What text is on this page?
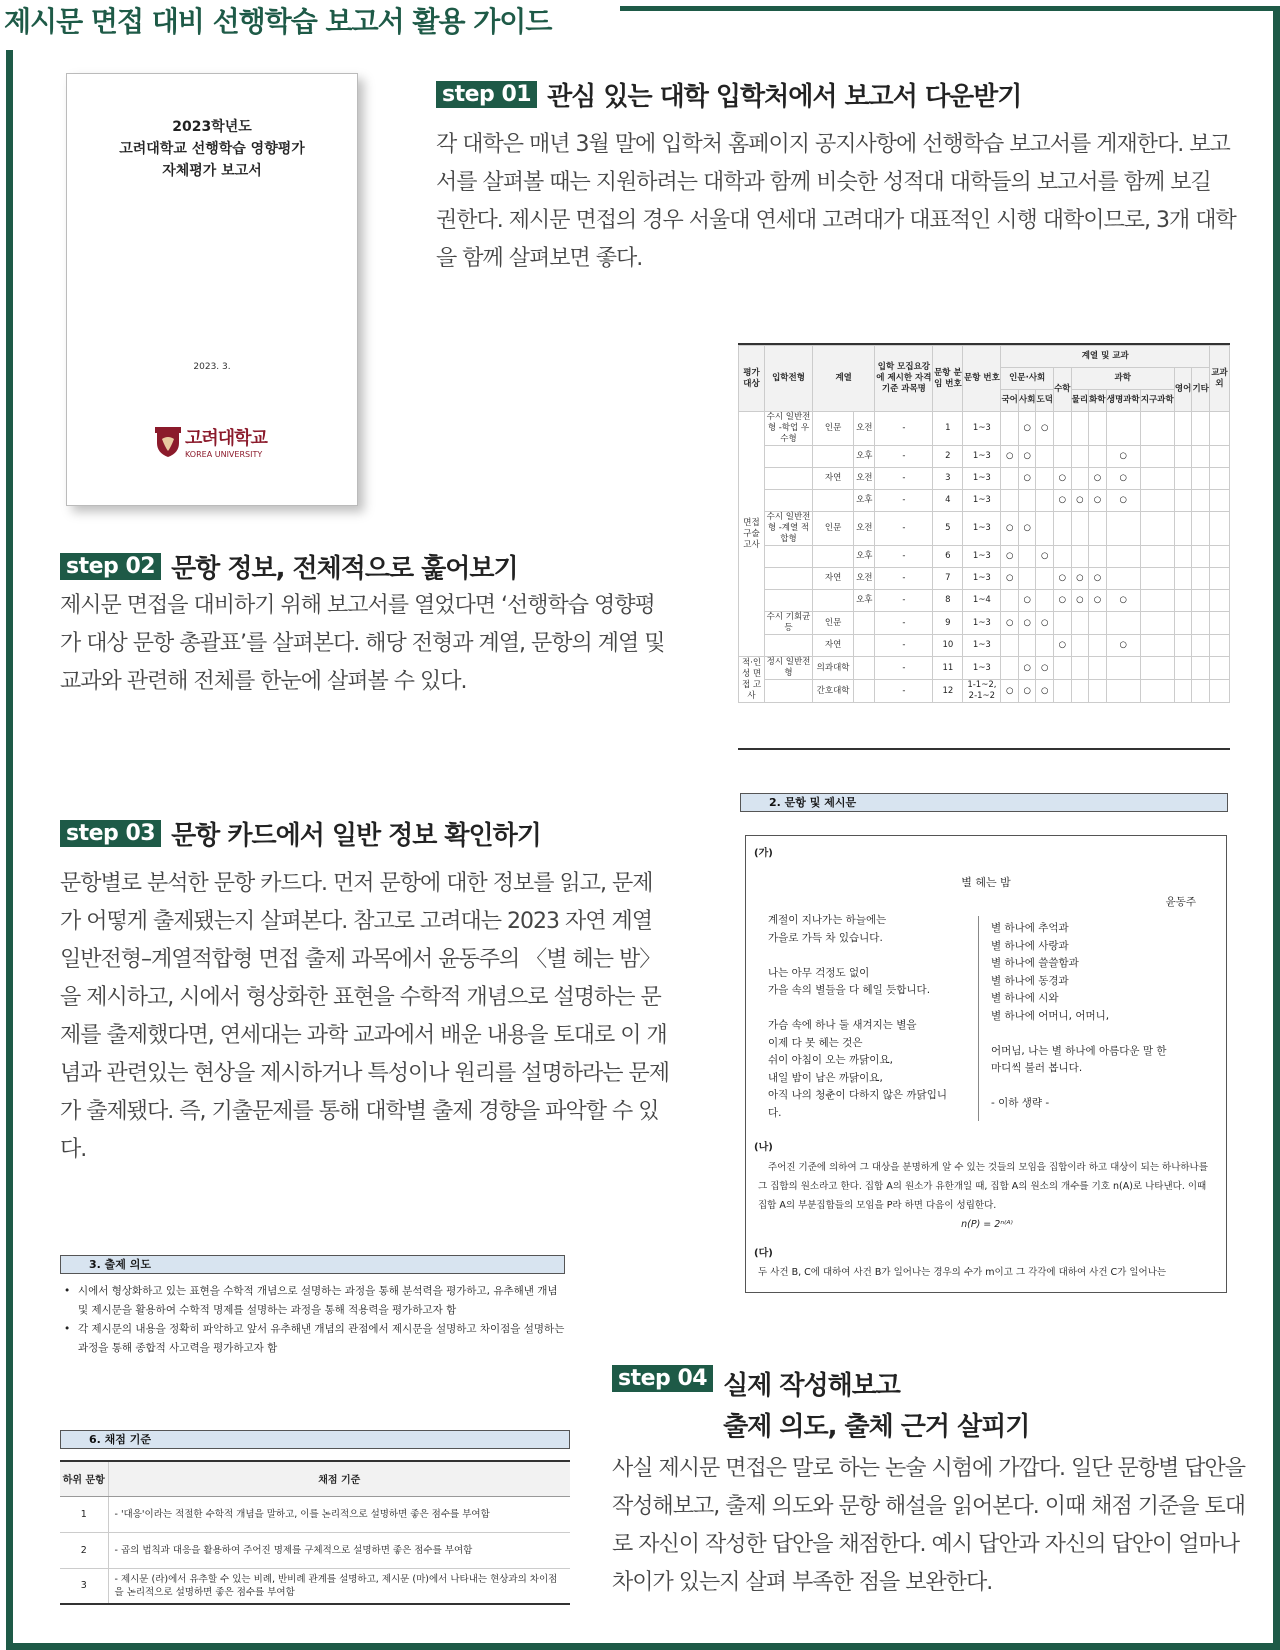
제시문 면접 대비 선행학습 보고서 활용 가이드
2023학년도
고려대학교 선행학습 영향평가
자체평가 보고서
2023. 3.
고려대학교
KOREA UNIVERSITY
step 01 관심 있는 대학 입학처에서 보고서 다운받기

각 대학은 매년 3월 말에 입학처 홈페이지 공지사항에 선행학습 보고서를 게재한다. 보고서를 살펴볼 때는 지원하려는 대학과 함께 비슷한 성적대 대학들의 보고서를 함께 보길 권한다. 제시문 면접의 경우 서울대 연세대 고려대가 대표적인 시행 대학이므로, 3개 대학을 함께 살펴보면 좋다.

step 02 문항 정보, 전체적으로 훑어보기

제시문 면접을 대비하기 위해 보고서를 열었다면 ‘선행학습 영향평가 대상 문항 총괄표’를 살펴본다. 해당 전형과 계열, 문항의 계열 및 교과와 관련해 전체를 한눈에 살펴볼 수 있다.

step 03 문항 카드에서 일반 정보 확인하기

문항별로 분석한 문항 카드다. 먼저 문항에 대한 정보를 읽고, 문제가 어떻게 출제됐는지 살펴본다. 참고로 고려대는 2023 자연 계열 일반전형–계열적합형 면접 출제 과목에서 윤동주의 〈별 헤는 밤〉을 제시하고, 시에서 형상화한 표현을 수학적 개념으로 설명하는 문제를 출제했다면, 연세대는 과학 교과에서 배운 내용을 토대로 이 개념과 관련있는 현상을 제시하거나 특성이나 원리를 설명하라는 문제가 출제됐다. 즉, 기출문제를 통해 대학별 출제 경향을 파악할 수 있다.

step 04 실제 작성해보고
출제 의도, 출체 근거 살피기

사실 제시문 면접은 말로 하는 논술 시험에 가깝다. 일단 문항별 답안을 작성해보고, 출제 의도와 문항 해설을 읽어본다. 이때 채점 기준을 토대로 자신이 작성한 답안을 채점한다. 예시 답안과 자신의 답안이 얼마나 차이가 있는지 살펴 부족한 점을 보완한다.

평가 대상	입학전형	계열		입학 모집요강에 제시한 자격 기준 과목명	문항 분임 번호	문항 번호	계열 및 교과										교과외
							인문·사회			수학	과학				영어	기타	
							국어	사회	도덕		물리	화학	생명과학	지구과학			
면접 구술 고사	수시 일반전형 -학업 우수형	인문	오전	-	1	1~3		○	○								
			오후	-	2	1~3	○	○					○				
		자연	오전	-	3	1~3		○		○		○	○				
			오후	-	4	1~3				○	○	○	○				
	수시 일반전형 -계열 적합형	인문	오전	-	5	1~3	○	○									
			오후	-	6	1~3	○		○								
		자연	오전	-	7	1~3	○			○	○	○					
			오후	-	8	1~4		○		○	○	○	○				
	수시 기회균등	인문		-	9	1~3	○	○	○								
		자연		-	10	1~3				○			○				
적·인성 면접 고사	정시 일반전형	의과대학		-	11	1~3		○	○								
		간호대학		-	12	1-1~2, 2-1~2	○	○	○								
2. 문항 및 제시문
(가)
별 헤는 밤
윤동주
계절이 지나가는 하늘에는
가을로 가득 차 있습니다.

나는 아무 걱정도 없이
가을 속의 별들을 다 헤일 듯합니다.

가슴 속에 하나 둘 새겨지는 별을
이제 다 못 헤는 것은
쉬이 아침이 오는 까닭이요,
내일 밤이 남은 까닭이요,
아직 나의 청춘이 다하지 않은 까닭입니
다.
별 하나에 추억과
별 하나에 사랑과
별 하나에 쓸쓸함과
별 하나에 동경과
별 하나에 시와
별 하나에 어머니, 어머니,

어머님, 나는 별 하나에 아름다운 말 한
마디씩 불러 봅니다.

- 이하 생략 -
(나)
주어진 기준에 의하여 그 대상을 분명하게 알 수 있는 것들의 모임을 집합이라 하고 대상이 되는 하나하나를 그 집합의 원소라고 한다. 집합 A의 원소가 유한개일 때, 집합 A의 원소의 개수를 기호 n(A)로 나타낸다. 이때 집합 A의 부분집합들의 모임을 P라 하면 다음이 성립한다.
n(P) = 2ⁿ⁽ᴬ⁾
(다)
두 사건 B, C에 대하여 사건 B가 일어나는 경우의 수가 m이고 그 각각에 대하여 사건 C가 일어나는
3. 출제 의도
• 시에서 형상화하고 있는 표현을 수학적 개념으로 설명하는 과정을 통해 분석력을 평가하고, 유추해낸 개념 및 제시문을 활용하여 수학적 명제를 설명하는 과정을 통해 적용력을 평가하고자 함
• 각 제시문의 내용을 정확히 파악하고 앞서 유추해낸 개념의 관점에서 제시문을 설명하고 차이점을 설명하는 과정을 통해 종합적 사고력을 평가하고자 함
6. 채점 기준
하위 문항	채점 기준
1	- '대응'이라는 적절한 수학적 개념을 말하고, 이를 논리적으로 설명하면 좋은 점수를 부여함
2	- 곱의 법칙과 대응을 활용하여 주어진 명제를 구체적으로 설명하면 좋은 점수를 부여함
3	- 제시문 (라)에서 유추할 수 있는 비례, 반비례 관계를 설명하고, 제시문 (마)에서 나타내는 현상과의 차이점을 논리적으로 설명하면 좋은 점수를 부여함
